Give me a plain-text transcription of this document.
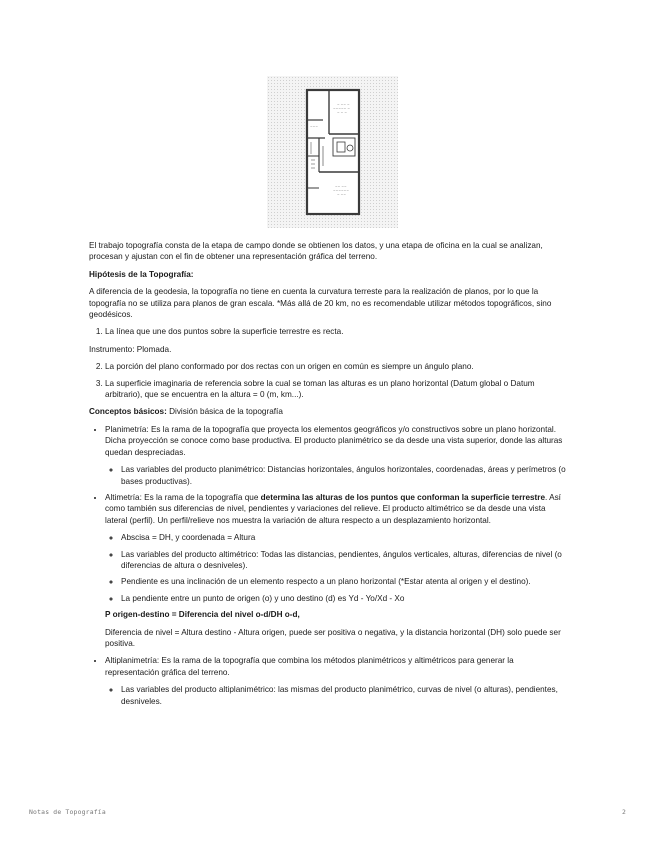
~ ~~ ~
~~~~~ ~
~ ~ ~
~~~
~~ ~~
~~~~~~
~ ~~

El trabajo topografía consta de la etapa de campo donde se obtienen los datos, y una etapa de oficina en la cual se analizan, procesan y ajustan con el fin de obtener una representación gráfica del terreno.

Hipótesis de la Topografía:

A diferencia de la geodesia, la topografía no tiene en cuenta la curvatura terreste para la realización de planos, por lo que la topografía no se utiliza para planos de gran escala. *Más allá de 20 km, no es recomendable utilizar métodos topográficos, sino geodésicos.

1. La línea que une dos puntos sobre la superficie terrestre es recta.

Instrumento: Plomada.

2. La porción del plano conformado por dos rectas con un origen en común es siempre un ángulo plano.
3. La superficie imaginaria de referencia sobre la cual se toman las alturas es un plano horizontal (Datum global o Datum arbitrario), que se encuentra en la altura = 0 (m, km...).

Conceptos básicos: División básica de la topografía

• Planimetría: Es la rama de la topografía que proyecta los elementos geográficos y/o constructivos sobre un plano horizontal. Dicha proyección se conoce como base productiva. El producto planimétrico se da desde una vista superior, donde las alturas quedan despreciadas.
◦ Las variables del producto planimétrico: Distancias horizontales, ángulos horizontales, coordenadas, áreas y perímetros (o bases productivas).
• Altimetría: Es la rama de la topografía que determina las alturas de los puntos que conforman la superficie terrestre. Así como también sus diferencias de nivel, pendientes y variaciones del relieve. El producto altimétrico se da desde una vista lateral (perfil). Un perfil/relieve nos muestra la variación de altura respecto a un desplazamiento horizontal.
◦ Abscisa = DH, y coordenada = Altura
◦ Las variables del producto altimétrico: Todas las distancias, pendientes, ángulos verticales, alturas, diferencias de nivel (o diferencias de altura o desniveles).
◦ Pendiente es una inclinación de un elemento respecto a un plano horizontal (*Estar atenta al origen y el destino).
◦ La pendiente entre un punto de origen (o) y uno destino (d) es Yd - Yo/Xd - Xo

P origen-destino = Diferencia del nivel o-d/DH o-d,

Diferencia de nivel = Altura destino - Altura origen, puede ser positiva o negativa, y la distancia horizontal (DH) solo puede ser positiva.

• Altiplanimetría: Es la rama de la topografía que combina los métodos planimétricos y altimétricos para generar la representación gráfica del terreno.
◦ Las variables del producto altiplanimétrico: las mismas del producto planimétrico, curvas de nivel (o alturas), pendientes, desniveles.
Notas de Topografía	2
